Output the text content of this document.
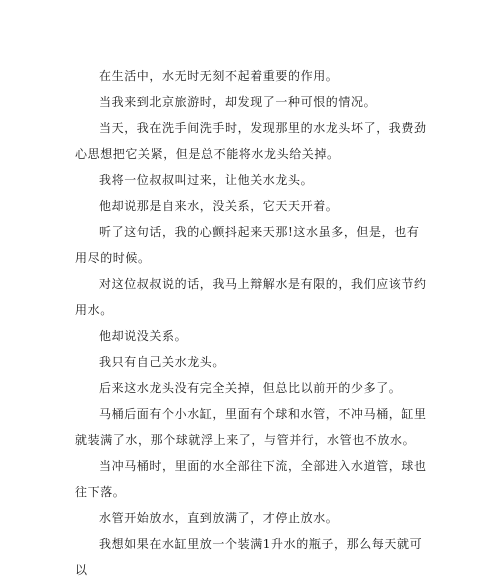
在生活中，水无时无刻不起着重要的作用。

当我来到北京旅游时，却发现了一种可恨的情况。

当天，我在洗手间洗手时，发现那里的水龙头坏了，我费劲心思想把它关紧，但是总不能将水龙头给关掉。

我将一位叔叔叫过来，让他关水龙头。

他却说那是自来水，没关系，它天天开着。

听了这句话，我的心颤抖起来天那!这水虽多，但是，也有用尽的时候。

对这位叔叔说的话，我马上辩解水是有限的，我们应该节约用水。

他却说没关系。

我只有自己关水龙头。

后来这水龙头没有完全关掉，但总比以前开的少多了。

马桶后面有个小水缸，里面有个球和水管，不冲马桶，缸里就装满了水，那个球就浮上来了，与管并行，水管也不放水。

当冲马桶时，里面的水全部往下流，全部进入水道管，球也往下落。

水管开始放水，直到放满了，才停止放水。

我想如果在水缸里放一个装满1升水的瓶子，那么每天就可以
